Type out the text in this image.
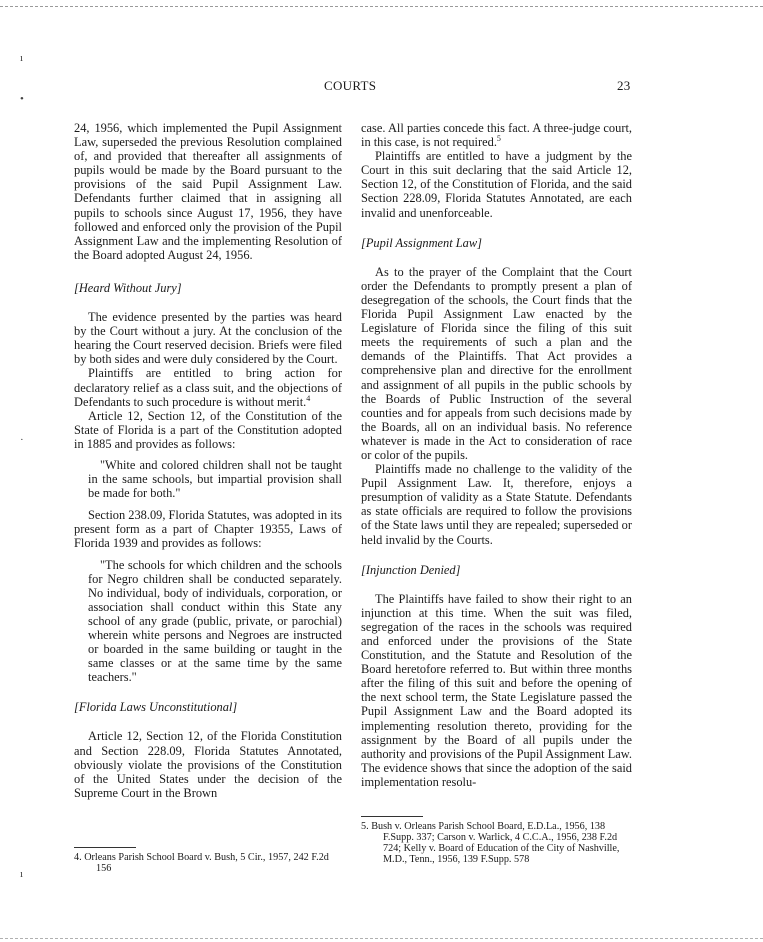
COURTS	23
ı
•
·
ı

24, 1956, which implemented the Pupil Assignment Law, superseded the previous Resolution complained of, and provided that thereafter all assignments of pupils would be made by the Board pursuant to the provisions of the said Pupil Assignment Law. Defendants further claimed that in assigning all pupils to schools since August 17, 1956, they have followed and enforced only the provision of the Pupil Assignment Law and the implementing Resolution of the Board adopted August 24, 1956.

[Heard Without Jury]

The evidence presented by the parties was heard by the Court without a jury. At the conclusion of the hearing the Court reserved decision. Briefs were filed by both sides and were duly considered by the Court.

Plaintiffs are entitled to bring action for declaratory relief as a class suit, and the objections of Defendants to such procedure is without merit.$^4$

Article 12, Section 12, of the Constitution of the State of Florida is a part of the Constitution adopted in 1885 and provides as follows:

"White and colored children shall not be taught in the same schools, but impartial provision shall be made for both."

Section 238.09, Florida Statutes, was adopted in its present form as a part of Chapter 19355, Laws of Florida 1939 and provides as follows:

"The schools for which children and the schools for Negro children shall be conducted separately. No individual, body of individuals, corporation, or association shall conduct within this State any school of any grade (public, private, or parochial) wherein white persons and Negroes are instructed or boarded in the same building or taught in the same classes or at the same time by the same teachers."

[Florida Laws Unconstitutional]

Article 12, Section 12, of the Florida Constitution and Section 228.09, Florida Statutes Annotated, obviously violate the provisions of the Constitution of the United States under the decision of the Supreme Court in the Brown

4. Orleans Parish School Board v. Bush, 5 Cir., 1957, 242 F.2d 156

case. All parties concede this fact. A three-judge court, in this case, is not required.$^5$

Plaintiffs are entitled to have a judgment by the Court in this suit declaring that the said Article 12, Section 12, of the Constitution of Florida, and the said Section 228.09, Florida Statutes Annotated, are each invalid and unenforceable.

[Pupil Assignment Law]

As to the prayer of the Complaint that the Court order the Defendants to promptly present a plan of desegregation of the schools, the Court finds that the Florida Pupil Assignment Law enacted by the Legislature of Florida since the filing of this suit meets the requirements of such a plan and the demands of the Plaintiffs. That Act provides a comprehensive plan and directive for the enrollment and assignment of all pupils in the public schools by the Boards of Public Instruction of the several counties and for appeals from such decisions made by the Boards, all on an individual basis. No reference whatever is made in the Act to consideration of race or color of the pupils.

Plaintiffs made no challenge to the validity of the Pupil Assignment Law. It, therefore, enjoys a presumption of validity as a State Statute. Defendants as state officials are required to follow the provisions of the State laws until they are repealed; superseded or held invalid by the Courts.

[Injunction Denied]

The Plaintiffs have failed to show their right to an injunction at this time. When the suit was filed, segregation of the races in the schools was required and enforced under the provisions of the State Constitution, and the Statute and Resolution of the Board heretofore referred to. But within three months after the filing of this suit and before the opening of the next school term, the State Legislature passed the Pupil Assignment Law and the Board adopted its implementing resolution thereto, providing for the assignment by the Board of all pupils under the authority and provisions of the Pupil Assignment Law. The evidence shows that since the adoption of the said implementation resolu-

5. Bush v. Orleans Parish School Board, E.D.La., 1956, 138 F.Supp. 337; Carson v. Warlick, 4 C.C.A., 1956, 238 F.2d 724; Kelly v. Board of Education of the City of Nashville, M.D., Tenn., 1956, 139 F.Supp. 578
